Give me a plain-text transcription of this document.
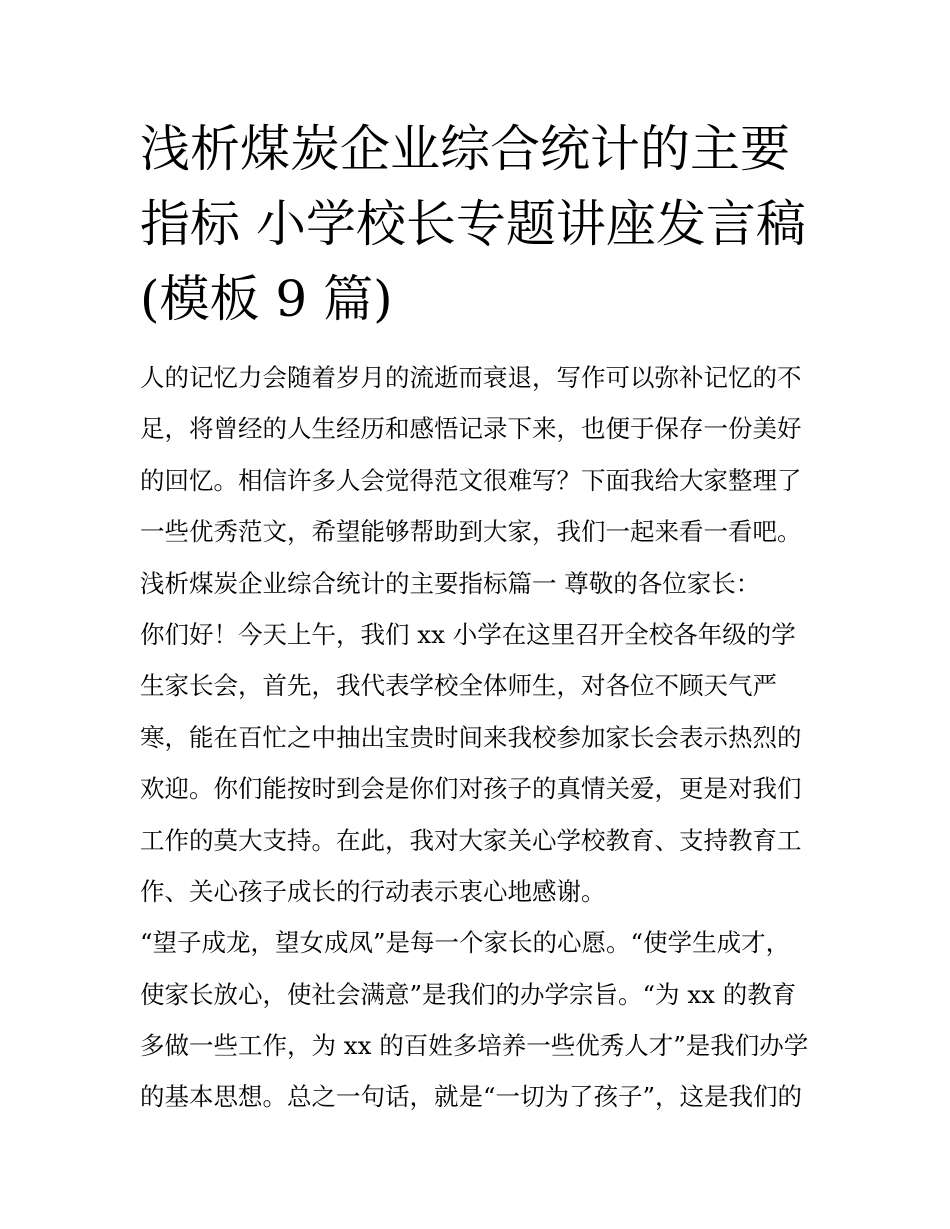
浅析煤炭企业综合统计的主要
指标 小学校长专题讲座发言稿
(模板 9 篇)
人的记忆力会随着岁月的流逝而衰退，写作可以弥补记忆的不
足，将曾经的人生经历和感悟记录下来，也便于保存一份美好
的回忆。相信许多人会觉得范文很难写？下面我给大家整理了
一些优秀范文，希望能够帮助到大家，我们一起来看一看吧。
浅析煤炭企业综合统计的主要指标篇一 尊敬的各位家长：
你们好！今天上午，我们 xx 小学在这里召开全校各年级的学
生家长会，首先，我代表学校全体师生，对各位不顾天气严
寒，能在百忙之中抽出宝贵时间来我校参加家长会表示热烈的
欢迎。你们能按时到会是你们对孩子的真情关爱，更是对我们
工作的莫大支持。在此，我对大家关心学校教育、支持教育工
作、关心孩子成长的行动表示衷心地感谢。
“望子成龙，望女成凤”是每一个家长的心愿。“使学生成才，
使家长放心，使社会满意”是我们的办学宗旨。“为 xx 的教育
多做一些工作，为 xx 的百姓多培养一些优秀人才”是我们办学
的基本思想。总之一句话，就是“一切为了孩子”，这是我们的
